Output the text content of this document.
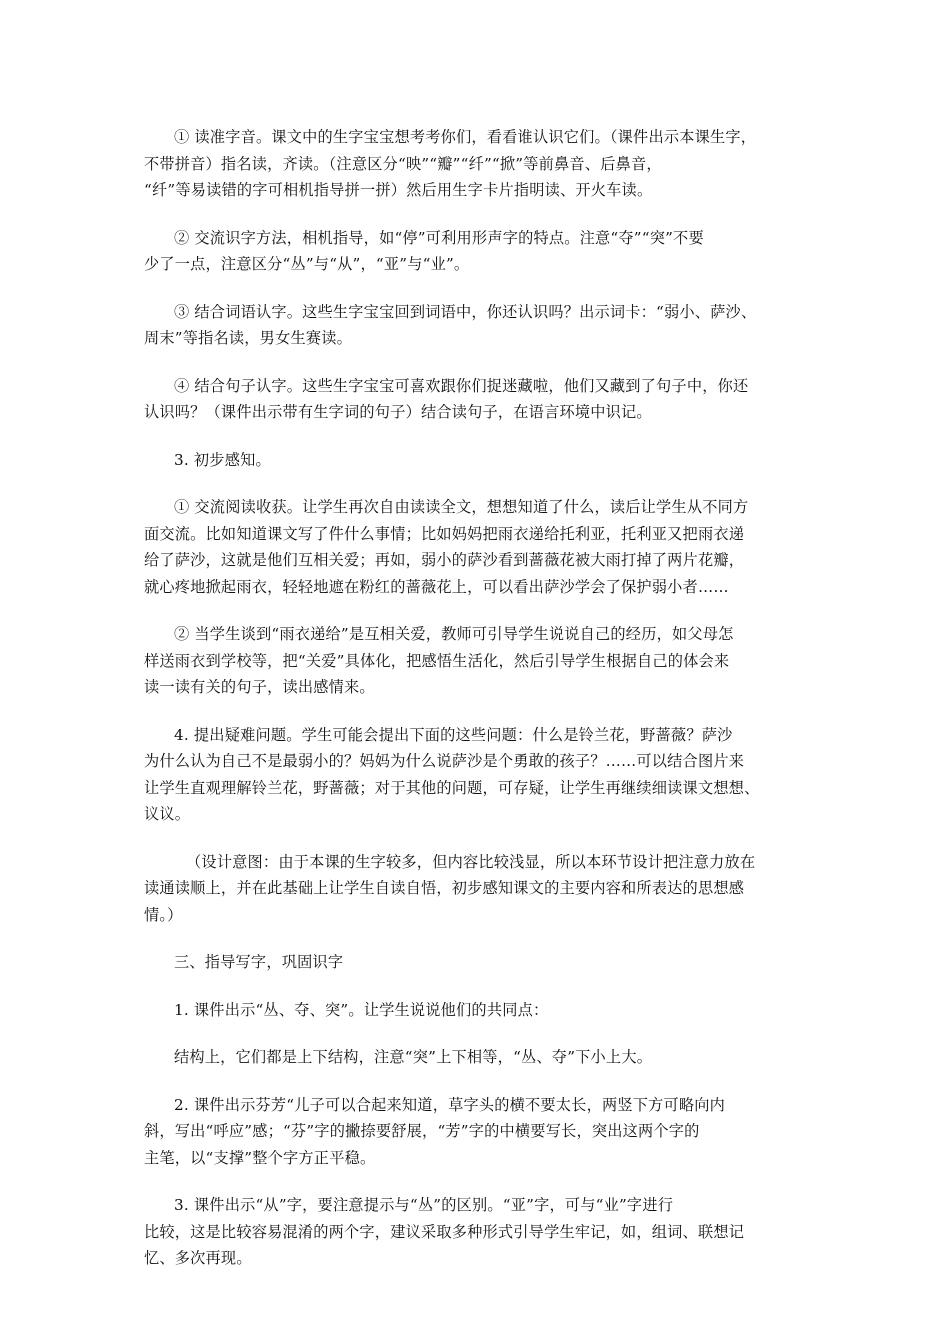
① 读准字音。课文中的生字宝宝想考考你们，看看谁认识它们。（课件出示本课生字，
不带拼音）指名读，齐读。（注意区分“映”“瓣”“纤”“掀”等前鼻音、后鼻音，
“纤”等易读错的字可相机指导拼一拼）然后用生字卡片指明读、开火车读。

② 交流识字方法，相机指导，如“停”可利用形声字的特点。注意“夺”“突”不要
少了一点，注意区分“丛”与“从”，“亚”与“业”。

③ 结合词语认字。这些生字宝宝回到词语中，你还认识吗？出示词卡：“弱小、萨沙、
周末”等指名读，男女生赛读。

④ 结合句子认字。这些生字宝宝可喜欢跟你们捉迷藏啦，他们又藏到了句子中，你还
认识吗？（课件出示带有生字词的句子）结合读句子，在语言环境中识记。

3. 初步感知。

① 交流阅读收获。让学生再次自由读读全文，想想知道了什么，读后让学生从不同方
面交流。比如知道课文写了件什么事情；比如妈妈把雨衣递给托利亚，托利亚又把雨衣递
给了萨沙，这就是他们互相关爱；再如，弱小的萨沙看到蔷薇花被大雨打掉了两片花瓣，
就心疼地掀起雨衣，轻轻地遮在粉红的蔷薇花上，可以看出萨沙学会了保护弱小者……

② 当学生谈到“雨衣递给”是互相关爱，教师可引导学生说说自己的经历，如父母怎
样送雨衣到学校等，把“关爱”具体化，把感悟生活化，然后引导学生根据自己的体会来
读一读有关的句子，读出感情来。

4. 提出疑难问题。学生可能会提出下面的这些问题：什么是铃兰花，野蔷薇？萨沙
为什么认为自己不是最弱小的？妈妈为什么说萨沙是个勇敢的孩子？……可以结合图片来
让学生直观理解铃兰花，野蔷薇；对于其他的问题，可存疑，让学生再继续细读课文想想、
议议。

（设计意图：由于本课的生字较多，但内容比较浅显，所以本环节设计把注意力放在
读通读顺上，并在此基础上让学生自读自悟，初步感知课文的主要内容和所表达的思想感
情。）

三、指导写字，巩固识字

1. 课件出示“丛、夺、突”。让学生说说他们的共同点：

结构上，它们都是上下结构，注意“突”上下相等，“丛、夺”下小上大。

2. 课件出示芬芳“儿子可以合起来知道，草字头的横不要太长，两竖下方可略向内
斜，写出“呼应”感；“芬”字的撇捺要舒展，“芳”字的中横要写长，突出这两个字的
主笔，以“支撑”整个字方正平稳。

3. 课件出示“从”字，要注意提示与“丛”的区别。“亚”字，可与“业”字进行
比较，这是比较容易混淆的两个字，建议采取多种形式引导学生牢记，如，组词、联想记
忆、多次再现。
